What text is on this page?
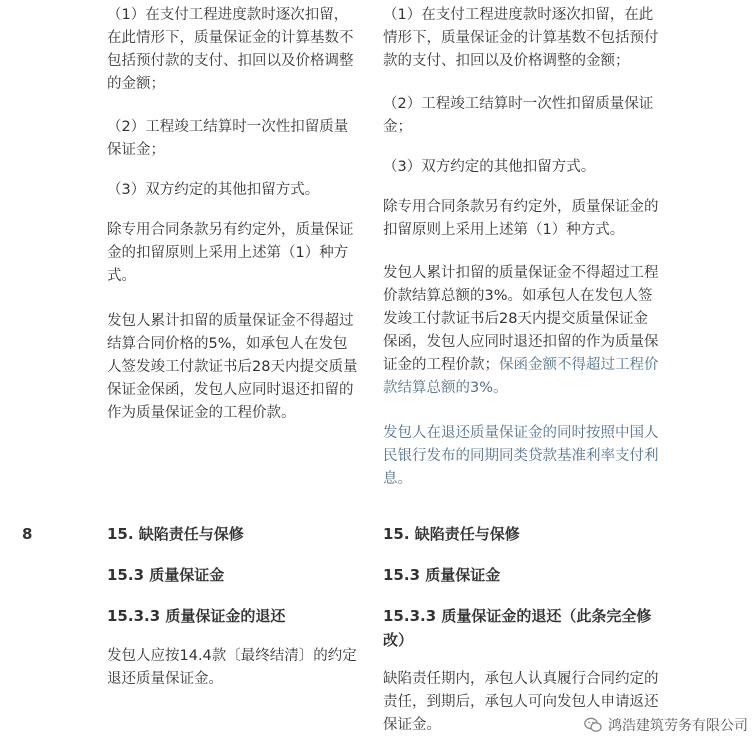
（1）在支付工程进度款时逐次扣留，
在此情形下，质量保证金的计算基数不
包括预付款的支付、扣回以及价格调整
的金额；

（2）工程竣工结算时一次性扣留质量
保证金；

（3）双方约定的其他扣留方式。

除专用合同条款另有约定外，质量保证
金的扣留原则上采用上述第（1）种方
式。

发包人累计扣留的质量保证金不得超过
结算合同价格的5%，如承包人在发包
人签发竣工付款证书后28天内提交质量
保证金保函，发包人应同时退还扣留的
作为质量保证金的工程价款。

（1）在支付工程进度款时逐次扣留，在此
情形下，质量保证金的计算基数不包括预付
款的支付、扣回以及价格调整的金额；

（2）工程竣工结算时一次性扣留质量保证
金；

（3）双方约定的其他扣留方式。

除专用合同条款另有约定外，质量保证金的
扣留原则上采用上述第（1）种方式。

发包人累计扣留的质量保证金不得超过工程
价款结算总额的3%。如承包人在发包人签
发竣工付款证书后28天内提交质量保证金
保函，发包人应同时退还扣留的作为质量保
证金的工程价款；保函金额不得超过工程价
款结算总额的3%。

发包人在退还质量保证金的同时按照中国人
民银行发布的同期同类贷款基准利率支付利
息。

8	15. 缺陷责任与保修

15.3 质量保证金

15.3.3 质量保证金的退还

发包人应按14.4款〔最终结清〕的约定
退还质量保证金。

15. 缺陷责任与保修

15.3 质量保证金

15.3.3 质量保证金的退还（此条完全修
改）

缺陷责任期内，承包人认真履行合同约定的
责任，到期后，承包人可向发包人申请返还
保证金。	鸿浩建筑劳务有限公司
